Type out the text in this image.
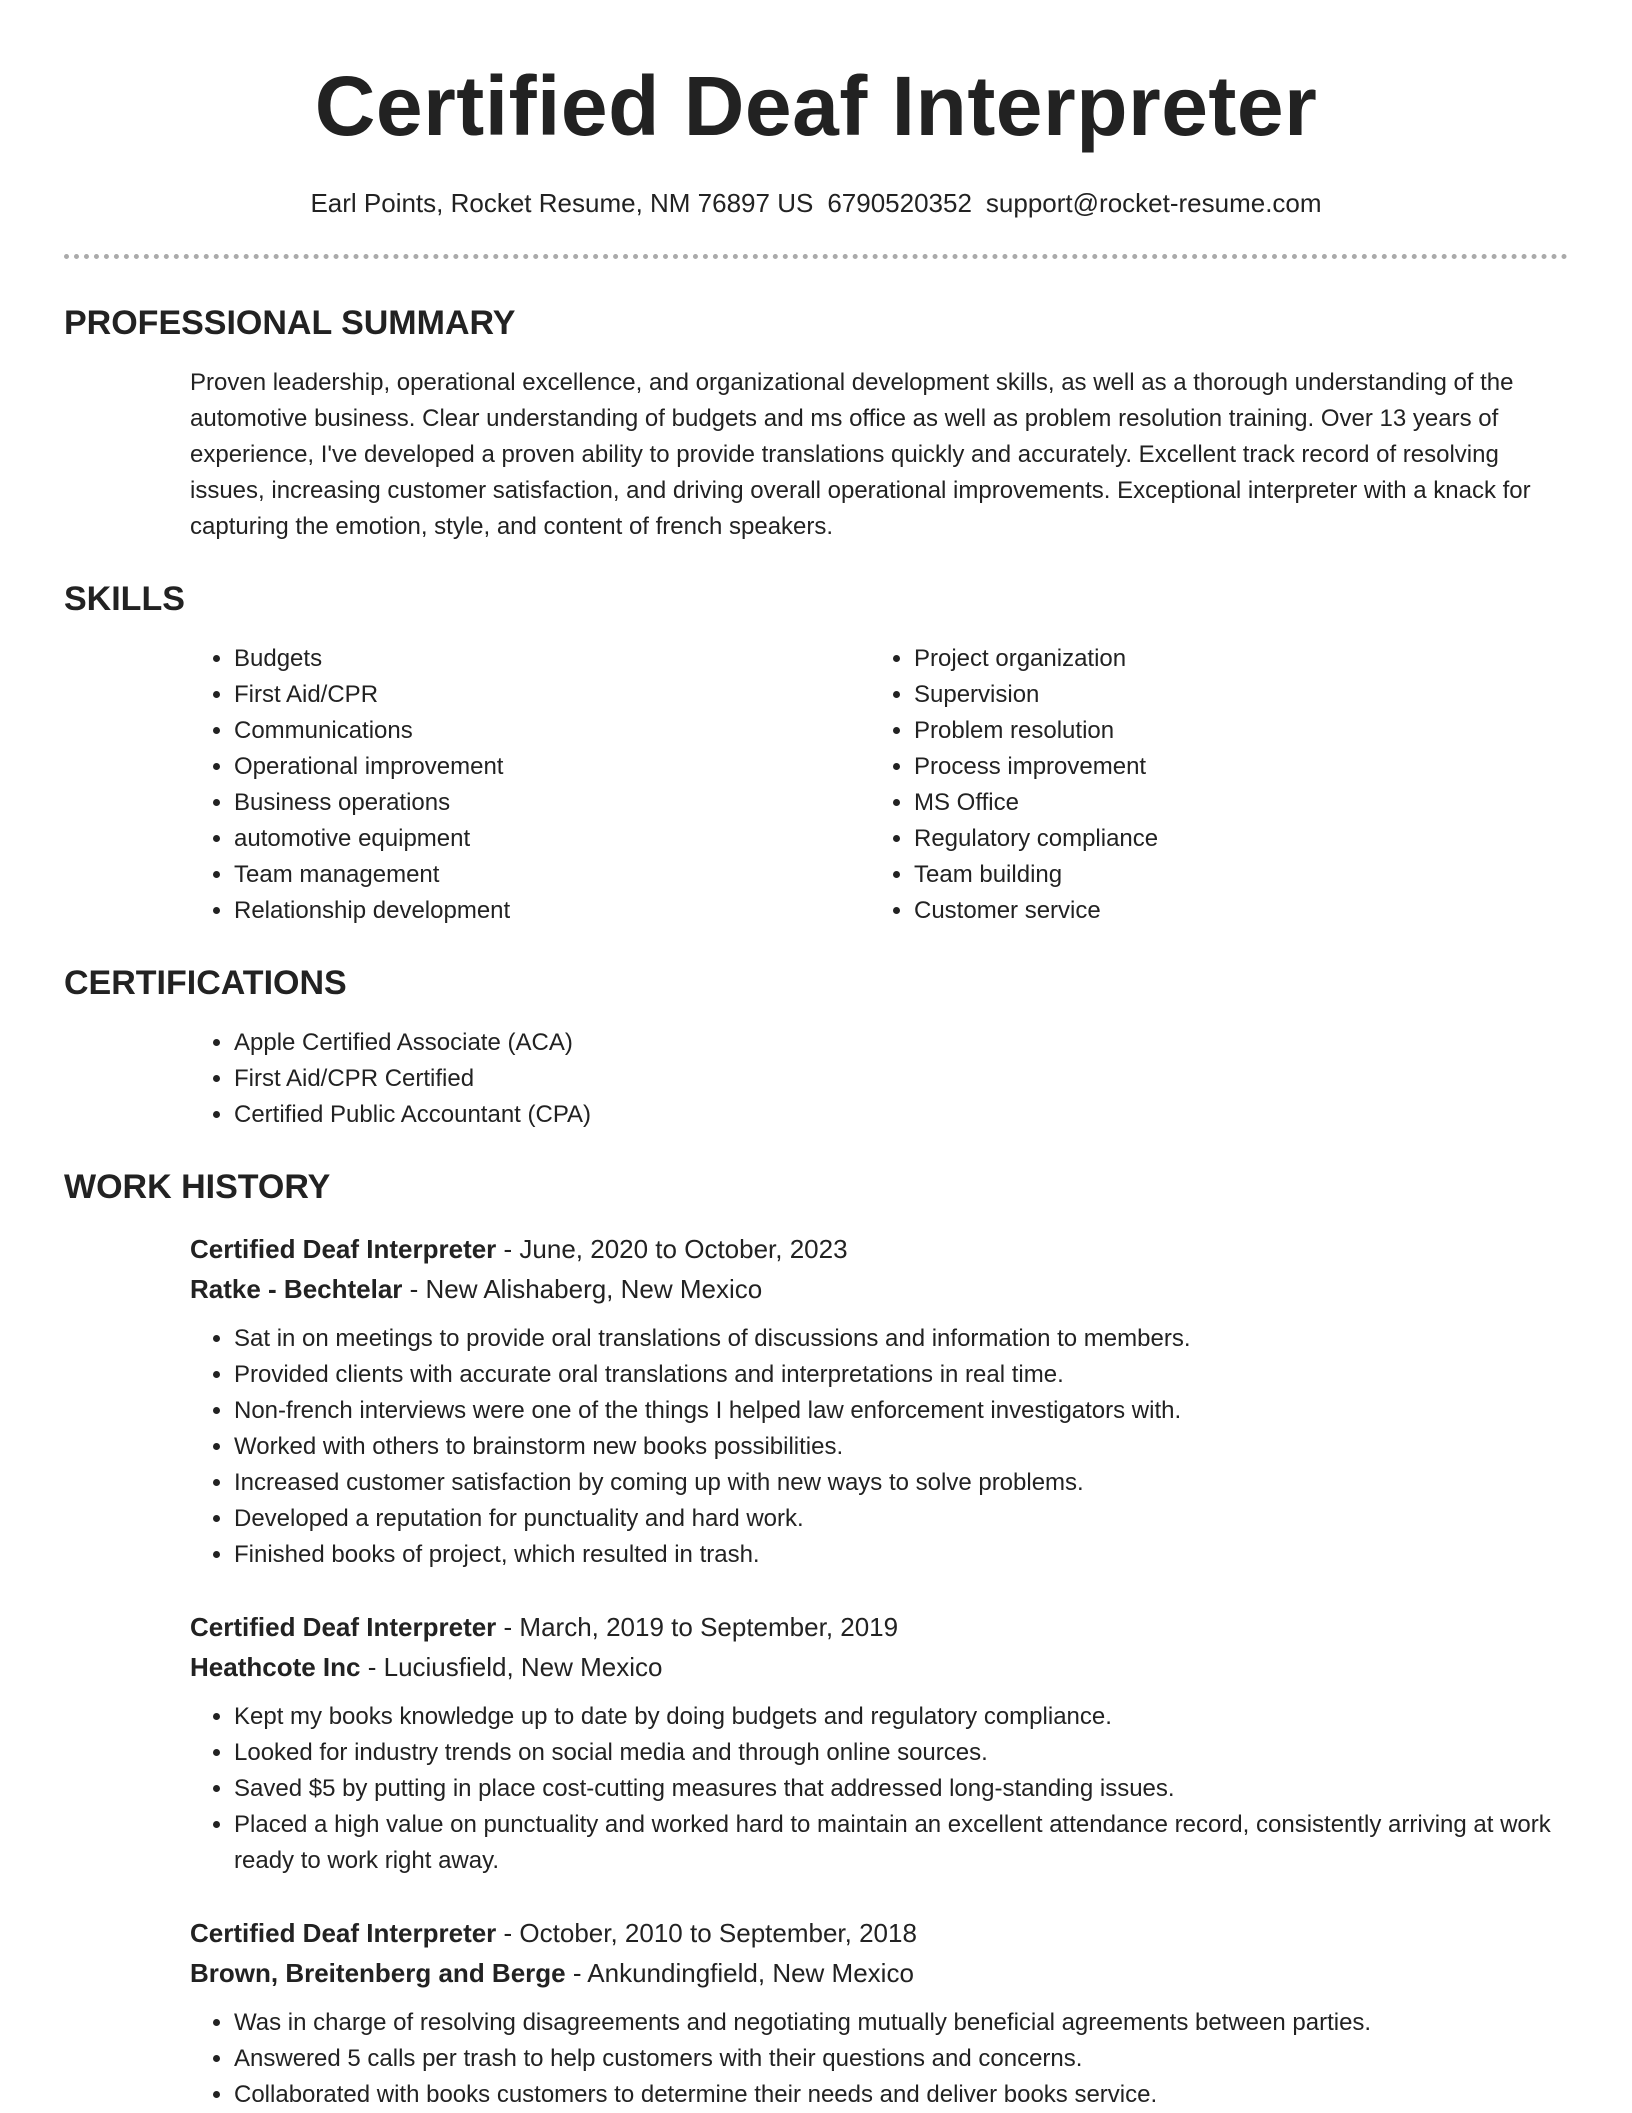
Certified Deaf Interpreter
Earl Points, Rocket Resume, NM 76897 US 6790520352 support@rocket-resume.com
PROFESSIONAL SUMMARY

Proven leadership, operational excellence, and organizational development skills, as well as a thorough understanding of the automotive business. Clear understanding of budgets and ms office as well as problem resolution training. Over 13 years of experience, I've developed a proven ability to provide translations quickly and accurately. Excellent track record of resolving issues, increasing customer satisfaction, and driving overall operational improvements. Exceptional interpreter with a knack for capturing the emotion, style, and content of french speakers.

SKILLS
• Budgets
• First Aid/CPR
• Communications
• Operational improvement
• Business operations
• automotive equipment
• Team management
• Relationship development
• Project organization
• Supervision
• Problem resolution
• Process improvement
• MS Office
• Regulatory compliance
• Team building
• Customer service
CERTIFICATIONS
• Apple Certified Associate (ACA)
• First Aid/CPR Certified
• Certified Public Accountant (CPA)
WORK HISTORY
Certified Deaf Interpreter - June, 2020 to October, 2023
Ratke - Bechtelar - New Alishaberg, New Mexico
• Sat in on meetings to provide oral translations of discussions and information to members.
• Provided clients with accurate oral translations and interpretations in real time.
• Non-french interviews were one of the things I helped law enforcement investigators with.
• Worked with others to brainstorm new books possibilities.
• Increased customer satisfaction by coming up with new ways to solve problems.
• Developed a reputation for punctuality and hard work.
• Finished books of project, which resulted in trash.
Certified Deaf Interpreter - March, 2019 to September, 2019
Heathcote Inc - Luciusfield, New Mexico
• Kept my books knowledge up to date by doing budgets and regulatory compliance.
• Looked for industry trends on social media and through online sources.
• Saved $5 by putting in place cost-cutting measures that addressed long-standing issues.
• Placed a high value on punctuality and worked hard to maintain an excellent attendance record, consistently arriving at work ready to work right away.
Certified Deaf Interpreter - October, 2010 to September, 2018
Brown, Breitenberg and Berge - Ankundingfield, New Mexico
• Was in charge of resolving disagreements and negotiating mutually beneficial agreements between parties.
• Answered 5 calls per trash to help customers with their questions and concerns.
• Collaborated with books customers to determine their needs and deliver books service.
